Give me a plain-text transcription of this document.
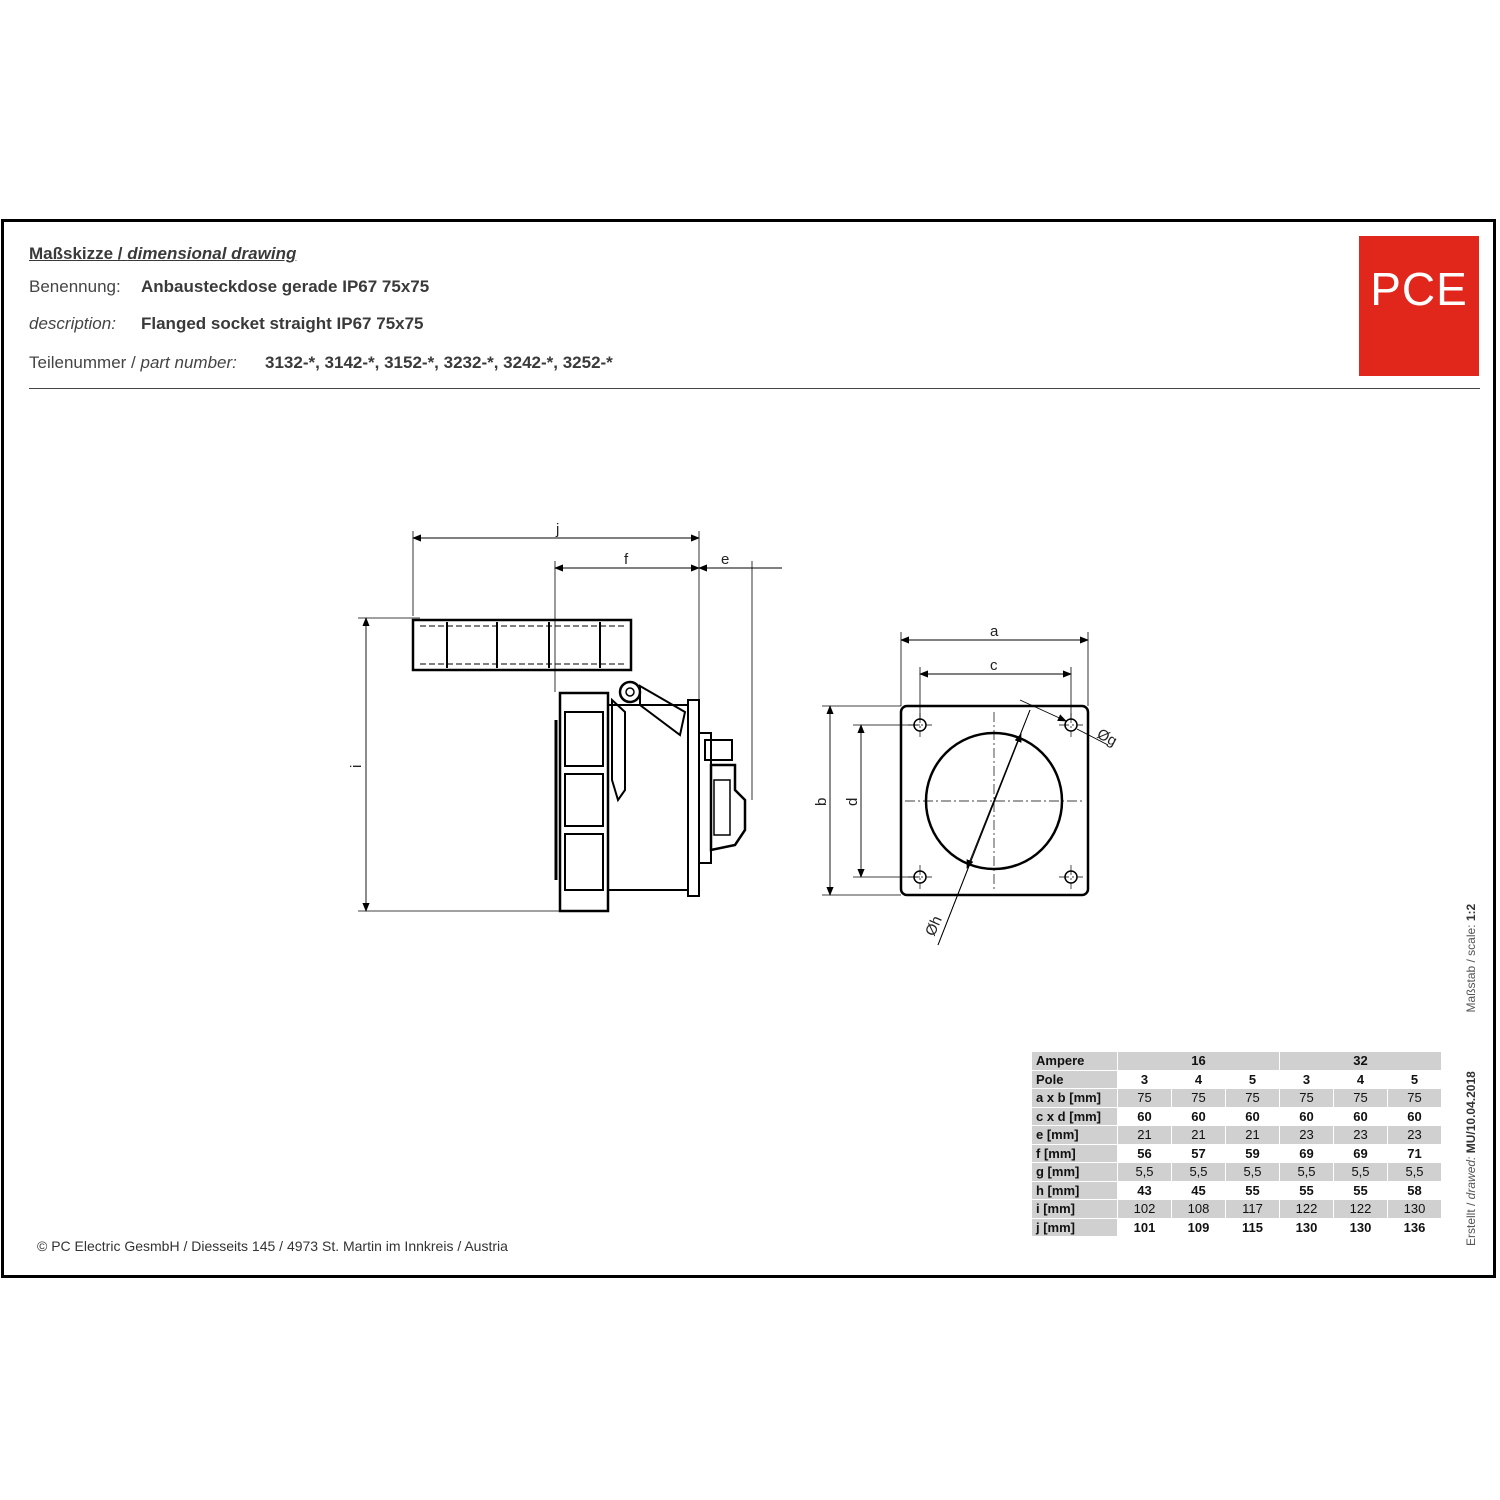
Maßskizze / dimensional drawing
Benennung: Anbausteckdose gerade IP67 75x75
description: Flanged socket straight IP67 75x75
Teilenummer / part number: 3132-*, 3142-*, 3152-*, 3232-*, 3242-*, 3252-*
PCE
j
f	e
i
a
c
b d
Øg
Øh
Ampere	16			32		
Pole	3	4	5	3	4	5
a x b [mm]	75	75	75	75	75	75
c x d [mm]	60	60	60	60	60	60
e [mm]	21	21	21	23	23	23
f [mm]	56	57	59	69	69	71
g [mm]	5,5	5,5	5,5	5,5	5,5	5,5
h [mm]	43	45	55	55	55	58
i [mm]	102	108	117	122	122	130
j [mm]	101	109	115	130	130	136
© PC Electric GesmbH / Diesseits 145 / 4973 St. Martin im Innkreis / Austria	Erstellt / drawed: MU/10.04.2018  Maßstab / scale: 1:2
